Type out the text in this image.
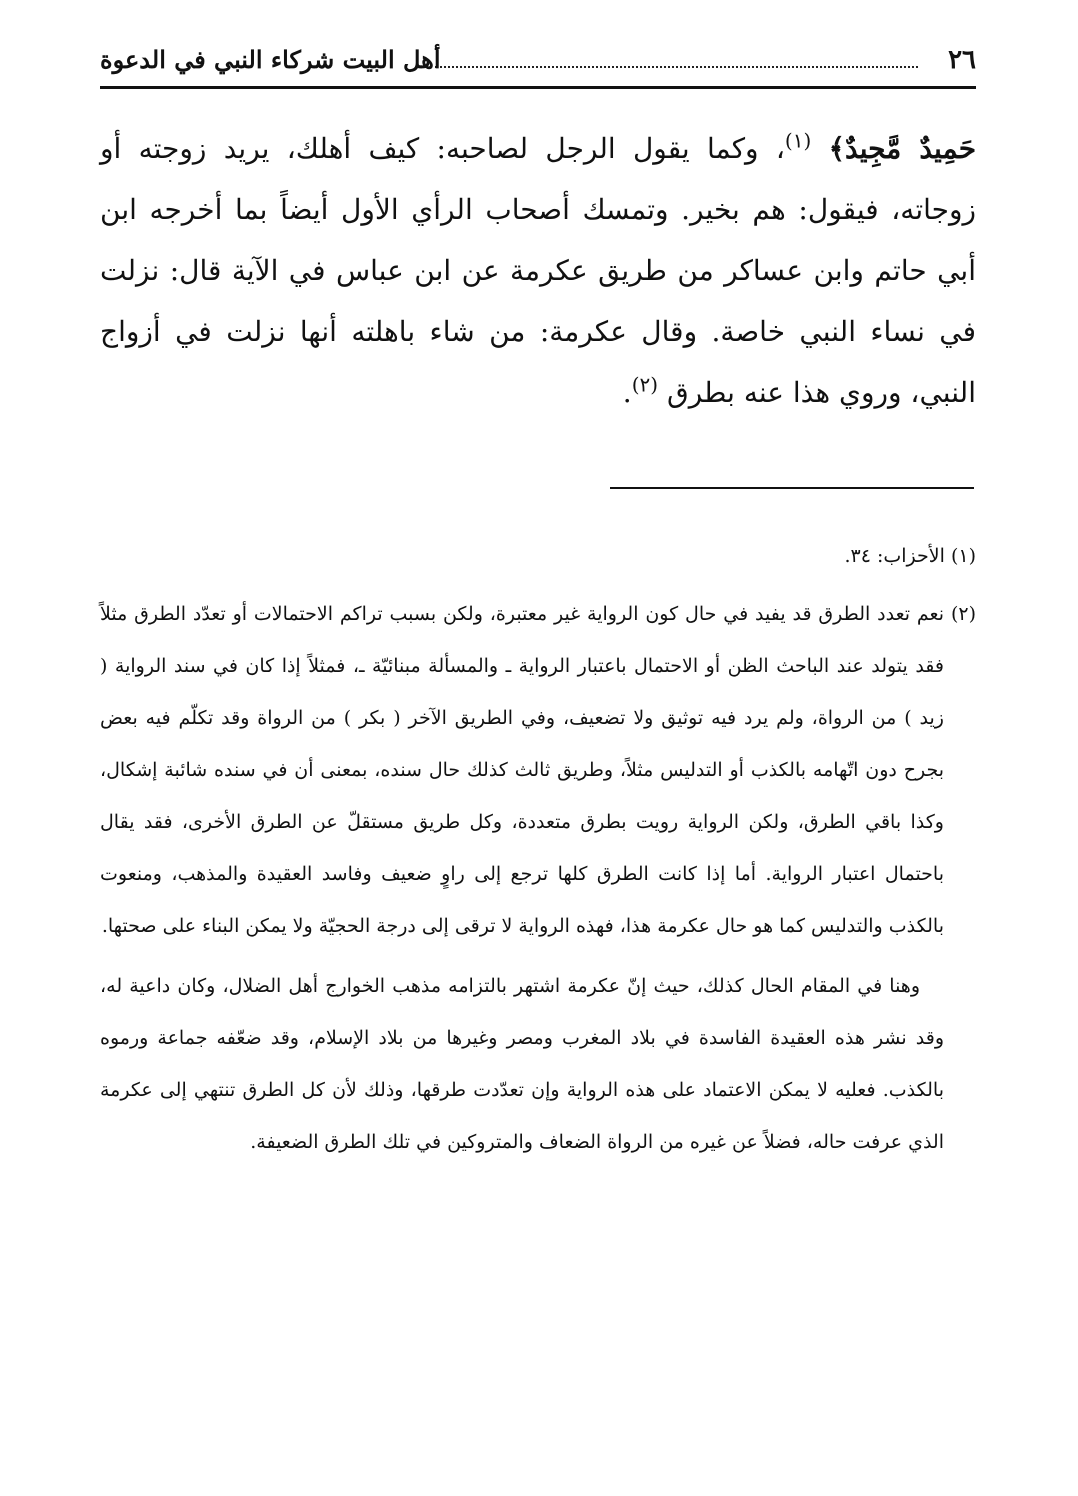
٢٦
أهل البيت شركاء النبي في الدعوة

حَمِيدٌ مَّجِيدٌ﴾ $^{(١)}$، وكما يقول الرجل لصاحبه: كيف أهلك، يريد زوجته أو زوجاته، فيقول: هم بخير. وتمسك أصحاب الرأي الأول أيضاً بما أخرجه ابن أبي حاتم وابن عساكر من طريق عكرمة عن ابن عباس في الآية قال: نزلت في نساء النبي خاصة. وقال عكرمة: من شاء باهلته أنها نزلت في أزواج النبي، وروي هذا عنه بطرق $^{(٢)}$.

(١) الأحزاب: ٣٤.

(٢)
نعم تعدد الطرق قد يفيد في حال كون الرواية غير معتبرة، ولكن بسبب تراكم الاحتمالات أو تعدّد الطرق مثلاً فقد يتولد عند الباحث الظن أو الاحتمال باعتبار الرواية ـ والمسألة مبنائيّة ـ، فمثلاً إذا كان في سند الرواية ( زيد ) من الرواة، ولم يرد فيه توثيق ولا تضعيف، وفي الطريق الآخر ( بكر ) من الرواة وقد تكلّم فيه بعض بجرح دون اتّهامه بالكذب أو التدليس مثلاً، وطريق ثالث كذلك حال سنده، بمعنى أن في سنده شائبة إشكال، وكذا باقي الطرق، ولكن الرواية رويت بطرق متعددة، وكل طريق مستقلّ عن الطرق الأخرى، فقد يقال باحتمال اعتبار الرواية. أما إذا كانت الطرق كلها ترجع إلى راوٍ ضعيف وفاسد العقيدة والمذهب، ومنعوت بالكذب والتدليس كما هو حال عكرمة هذا، فهذه الرواية لا ترقى إلى درجة الحجيّة ولا يمكن البناء على صحتها.

وهنا في المقام الحال كذلك، حيث إنّ عكرمة اشتهر بالتزامه مذهب الخوارج أهل الضلال، وكان داعية له، وقد نشر هذه العقيدة الفاسدة في بلاد المغرب ومصر وغيرها من بلاد الإسلام، وقد ضعّفه جماعة ورموه بالكذب. فعليه لا يمكن الاعتماد على هذه الرواية وإن تعدّدت طرقها، وذلك لأن كل الطرق تنتهي إلى عكرمة الذي عرفت حاله، فضلاً عن غيره من الرواة الضعاف والمتروكين في تلك الطرق الضعيفة.
